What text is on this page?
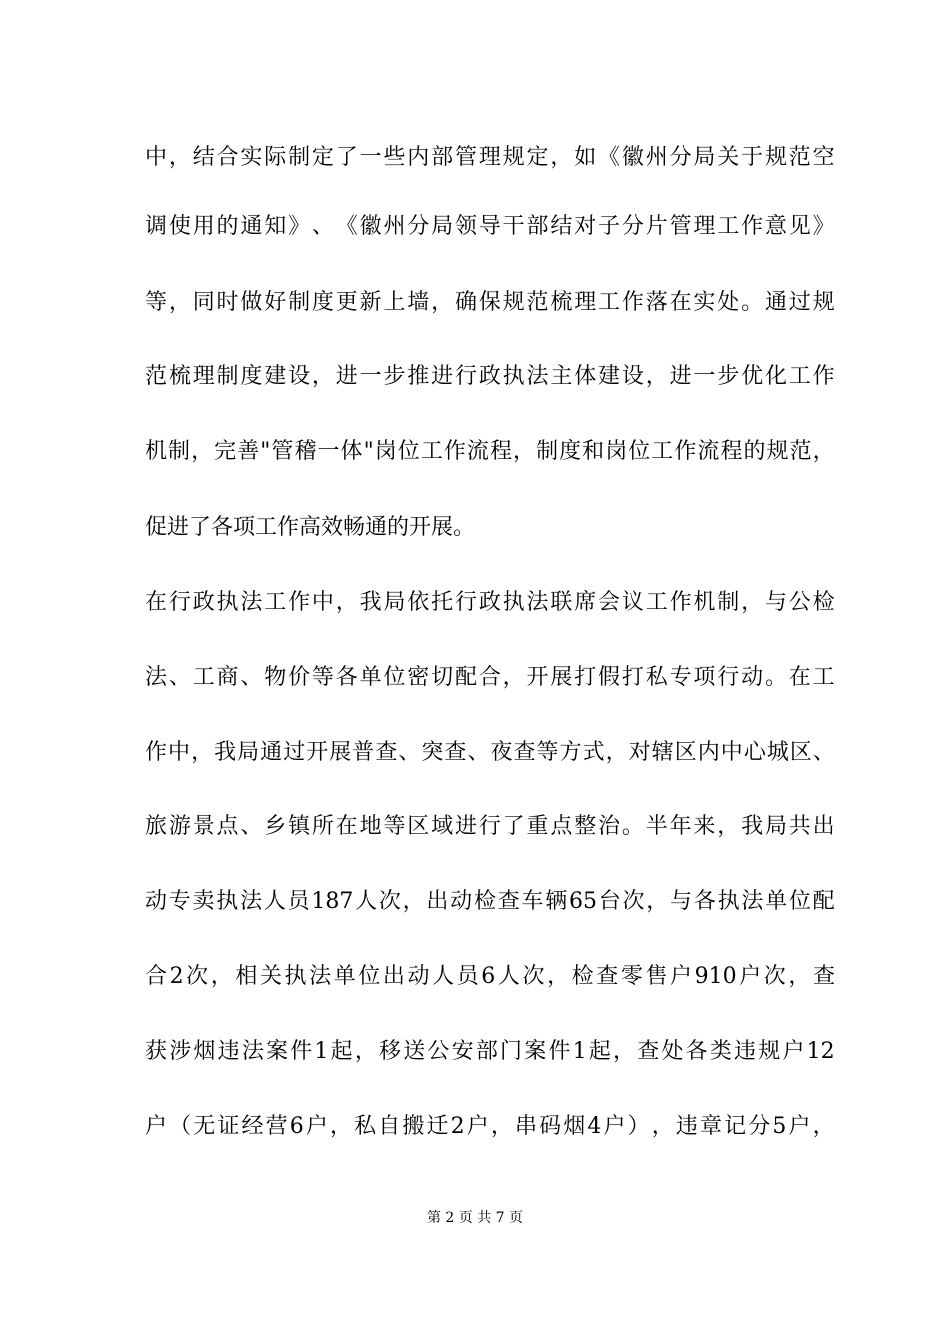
中 ， 结 合 实 际 制 定 了 一 些 内 部 管 理 规 定 ， 如 《 徽 州 分 局 关 于 规 范 空
调 使 用 的 通 知 》 、 《 徽 州 分 局 领 导 干 部 结 对 子 分 片 管 理 工 作 意 见 》
等 ， 同 时 做 好 制 度 更 新 上 墙 ， 确 保 规 范 梳 理 工 作 落 在 实 处 。 通 过 规
范 梳 理 制 度 建 设 ， 进 一 步 推 进 行 政 执 法 主 体 建 设 ， 进 一 步 优 化 工 作
机 制 ， 完 善 " 管 稽 一 体 " 岗 位 工 作 流 程 ， 制 度 和 岗 位 工 作 流 程 的 规 范 ，
促进了各项工作高效畅通的开展。
在 行 政 执 法 工 作 中 ， 我 局 依 托 行 政 执 法 联 席 会 议 工 作 机 制 ， 与 公 检
法 、 工 商 、 物 价 等 各 单 位 密 切 配 合 ， 开 展 打 假 打 私 专 项 行 动 。 在 工
作 中 ， 我 局 通 过 开 展 普 查 、 突 查 、 夜 查 等 方 式 ， 对 辖 区 内 中 心 城 区 、
旅 游 景 点 、 乡 镇 所 在 地 等 区 域 进 行 了 重 点 整 治 。 半 年 来 ， 我 局 共 出
动 专 卖 执 法 人 员 187 人 次 ， 出 动 检 查 车 辆 65 台 次 ， 与 各 执 法 单 位 配
合 2 次 ， 相 关 执 法 单 位 出 动 人 员 6 人 次 ， 检 查 零 售 户 910 户 次 ， 查
获 涉 烟 违 法 案 件 1 起 ， 移 送 公 安 部 门 案 件 1 起 ， 查 处 各 类 违 规 户 12
户 （ 无 证 经 营 6 户 ， 私 自 搬 迁 2 户 ， 串 码 烟 4 户 ） ， 违 章 记 分 5 户 ，
第 2 页 共 7 页
